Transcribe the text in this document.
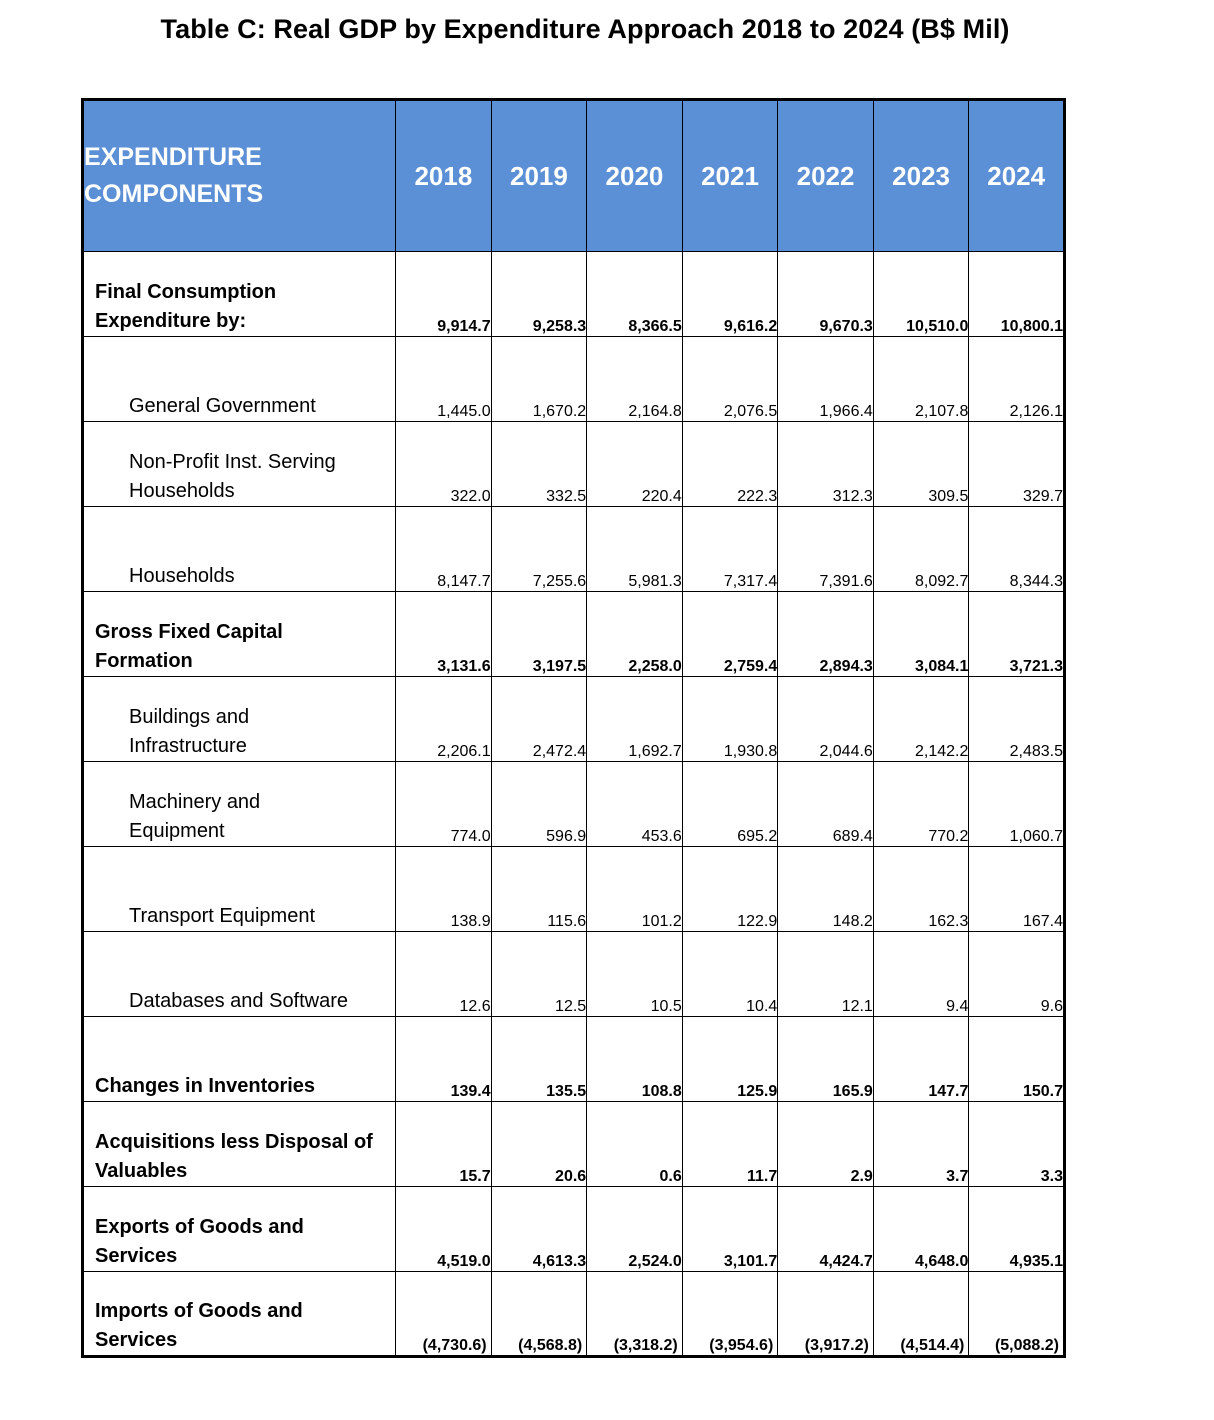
Table C: Real GDP by Expenditure Approach 2018 to 2024 (B$ Mil)
EXPENDITURE
COMPONENTS	2018	2019	2020	2021	2022	2023	2024
Final Consumption
Expenditure by:	9,914.7	9,258.3	8,366.5	9,616.2	9,670.3	10,510.0	10,800.1
General Government	1,445.0	1,670.2	2,164.8	2,076.5	1,966.4	2,107.8	2,126.1
Non-Profit Inst. Serving
Households	322.0	332.5	220.4	222.3	312.3	309.5	329.7
Households	8,147.7	7,255.6	5,981.3	7,317.4	7,391.6	8,092.7	8,344.3
Gross Fixed Capital
Formation	3,131.6	3,197.5	2,258.0	2,759.4	2,894.3	3,084.1	3,721.3
Buildings and
Infrastructure	2,206.1	2,472.4	1,692.7	1,930.8	2,044.6	2,142.2	2,483.5
Machinery and
Equipment	774.0	596.9	453.6	695.2	689.4	770.2	1,060.7
Transport Equipment	138.9	115.6	101.2	122.9	148.2	162.3	167.4
Databases and Software	12.6	12.5	10.5	10.4	12.1	9.4	9.6
Changes in Inventories	139.4	135.5	108.8	125.9	165.9	147.7	150.7
Acquisitions less Disposal of
Valuables	15.7	20.6	0.6	11.7	2.9	3.7	3.3
Exports of Goods and
Services	4,519.0	4,613.3	2,524.0	3,101.7	4,424.7	4,648.0	4,935.1
Imports of Goods and
Services	(4,730.6)	(4,568.8)	(3,318.2)	(3,954.6)	(3,917.2)	(4,514.4)	(5,088.2)
